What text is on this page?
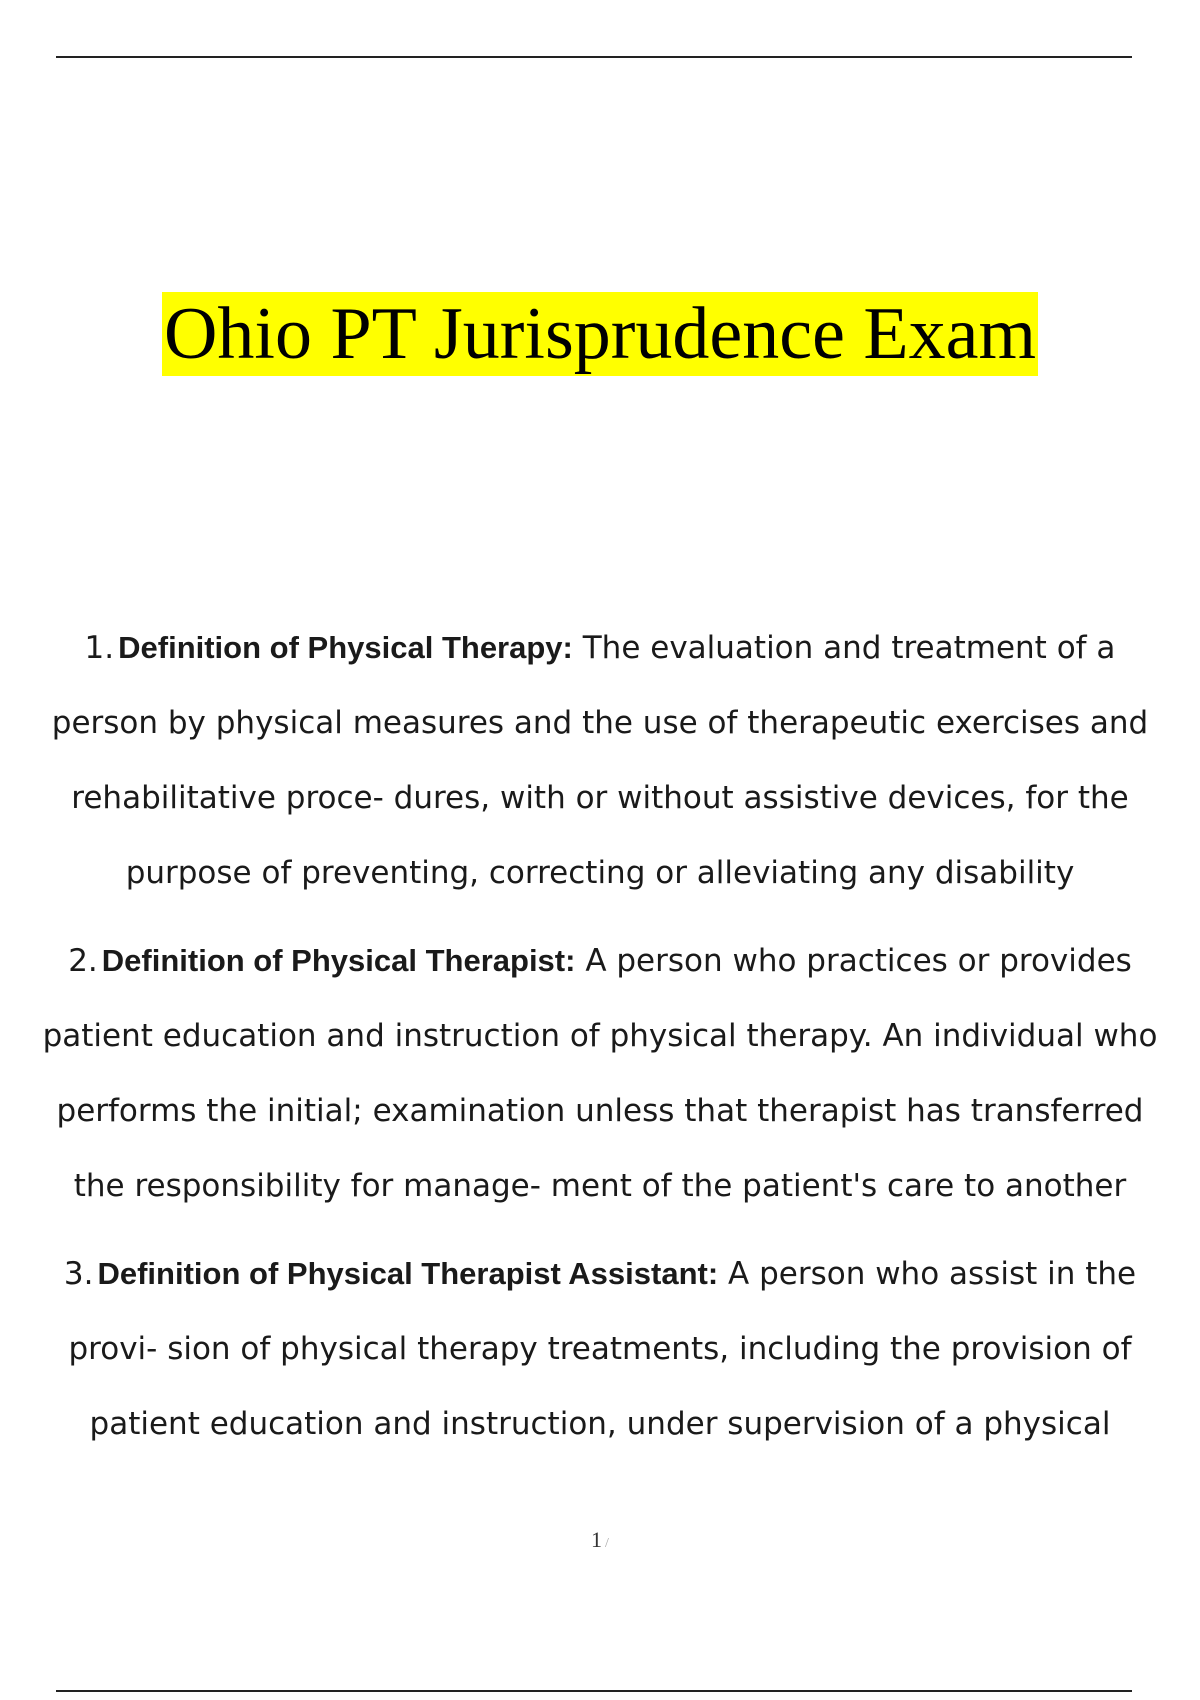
Ohio PT Jurisprudence Exam

1. Definition of Physical Therapy: The evaluation and treatment of a person by physical measures and the use of therapeutic exercises and rehabilitative proce- dures, with or without assistive devices, for the purpose of preventing, correcting or alleviating any disability

2. Definition of Physical Therapist: A person who practices or provides patient education and instruction of physical therapy. An individual who performs the initial; examination unless that therapist has transferred the responsibility for manage- ment of the patient's care to another

3. Definition of Physical Therapist Assistant: A person who assist in the provi- sion of physical therapy treatments, including the provision of patient education and instruction, under supervision of a physical

1 /
